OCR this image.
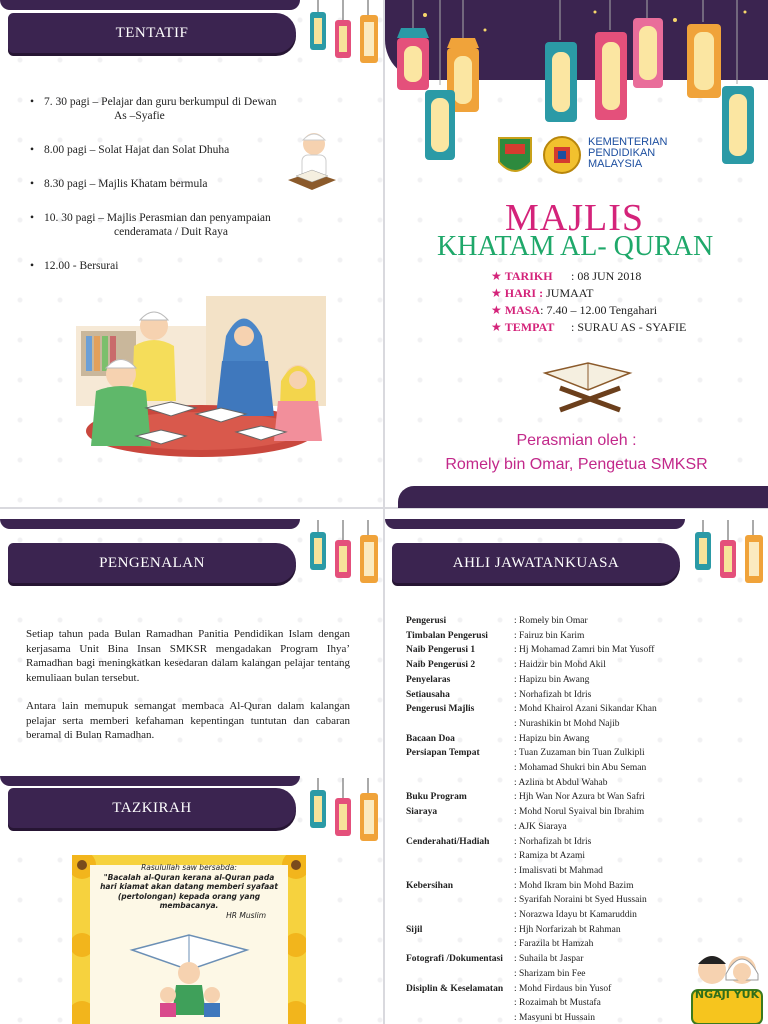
TENTATIF
• 7. 30 pagi – Pelajar dan guru berkumpul di Dewan
As –Syafie
• 8.00 pagi – Solat Hajat dan Solat Dhuha
• 8.30 pagi – Majlis Khatam bermula
• 10. 30 pagi – Majlis Perasmian dan penyampaian
cenderamata / Duit Raya
• 12.00 - Bersurai
KEMENTERIAN
PENDIDIKAN
MALAYSIA
MAJLIS
KHATAM AL- QURAN
★ TARIKH : 08 JUN 2018
★ HARI : JUMAAT
★ MASA: 7.40 – 12.00 Tengahari
★ TEMPAT : SURAU AS - SYAFIE
Perasmian oleh :
Romely bin Omar, Pengetua SMKSR
PENGENALAN
Setiap tahun pada Bulan Ramadhan Panitia Pendidikan Islam dengan kerjasama Unit Bina Insan SMKSR mengadakan Program Ihya’ Ramadhan bagi meningkatkan kesedaran dalam kalangan pelajar tentang kemuliaan bulan tersebut.
Antara lain memupuk semangat membaca Al-Quran dalam kalangan pelajar serta memberi kefahaman kepentingan tuntutan dan cabaran beramal di Bulan Ramadhan.
TAZKIRAH
Rasulullah saw bersabda:
"Bacalah al-Quran kerana al-Quran pada
hari kiamat akan datang memberi syafaat
(pertolongan) kepada orang yang membacanya.
HR Muslim
AHLI JAWATANKUASA
Pengerusi	: Romely bin Omar
Timbalan Pengerusi	: Fairuz bin Karim
Naib Pengerusi 1	: Hj Mohamad Zamri bin Mat Yusoff
Naib Pengerusi 2	: Haidzir bin Mohd Akil
Penyelaras	: Hapizu bin Awang
Setiausaha	: Norhafizah bt Idris
Pengerusi Majlis	: Mohd Khairol Azani Sikandar Khan
: Nurashikin bt Mohd Najib
Bacaan Doa	: Hapizu bin Awang
Persiapan Tempat	: Tuan Zuzaman bin Tuan Zulkipli
: Mohamad Shukri bin Abu Seman
: Azlina bt Abdul Wahab
Buku Program	: Hjh Wan Nor Azura bt Wan Safri
Siaraya	: Mohd Norul Syaival bin Ibrahim
: AJK Siaraya
Cenderahati/Hadiah	: Norhafizah bt Idris
: Ramiza bt Azami
: Imalisvati bt Mahmad
Kebersihan	: Mohd Ikram bin Mohd Bazim
: Syarifah Noraini bt Syed Hussain
: Norazwa Idayu bt Kamaruddin
Sijil	: Hjh Norfarizah bt Rahman
: Farazila bt Hamzah
Fotografi /Dokumentasi : Suhaila bt Jaspar
: Sharizam bin Fee
Disiplin & Keselamatan : Mohd Firdaus bin Yusof
: Rozaimah bt Mustafa
: Masyuni bt Hussain
NGAJI YUK
